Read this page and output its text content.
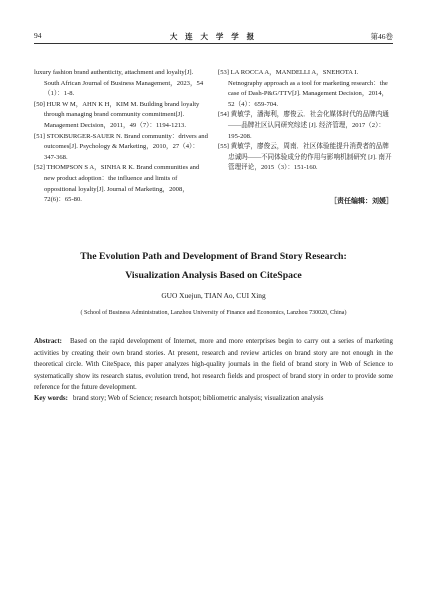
94	大 连 大 学 学 报	第46卷

luxury fashion brand authenticity, attachment and loyalty[J]. South African Journal of Business Management，2023，54（1）：1-8.

[50] HUR W M，AHN K H，KIM M. Building brand loyalty through managing brand community commitment[J]. Management Decision，2011，49（7）：1194-1213.

[51] STOKBURGER-SAUER N. Brand community：drivers and outcomes[J]. Psychology & Marketing，2010，27（4）：347-368.

[52] THOMPSON S A，SINHA R K. Brand communities and new product adoption：the influence and limits of oppositional loyalty[J]. Journal of Marketing，2008，72(6)：65-80.

[53] LA ROCCA A，MANDELLI A，SNEHOTA I. Netnography approach as a tool for marketing research：the case of Dash-P&G/TTV[J]. Management Decision，2014，52（4）：659-704.

[54] 黄敏学，潘海利，廖俊云．社会化媒体时代的品牌内通——品牌社区认同研究综述 [J]. 经济管理，2017（2）：195-208.

[55] 黄敏学，廖俊云，周南．社区体验能提升消费者的品牌忠诚吗——不同体验成分的作用与影响机制研究 [J]. 南开管理评论，2015（3）：151-160.

［责任编辑：刘媛］
The Evolution Path and Development of Brand Story Research:
Visualization Analysis Based on CiteSpace
GUO Xuejun, TIAN Ao, CUI Xing
( School of Business Administration, Lanzhou University of Finance and Economics, Lanzhou 730020, China)

Abstract: Based on the rapid development of Internet, more and more enterprises begin to carry out a series of marketing activities by creating their own brand stories. At present, research and review articles on brand story are not enough in the theoretical circle. With CiteSpace, this paper analyzes high-quality journals in the field of brand story in Web of Science to systematically show its research status, evolution trend, hot research fields and prospect of brand story in order to provide some reference for the future development.

Key words: brand story; Web of Science; research hotspot; bibliometric analysis; visualization analysis
